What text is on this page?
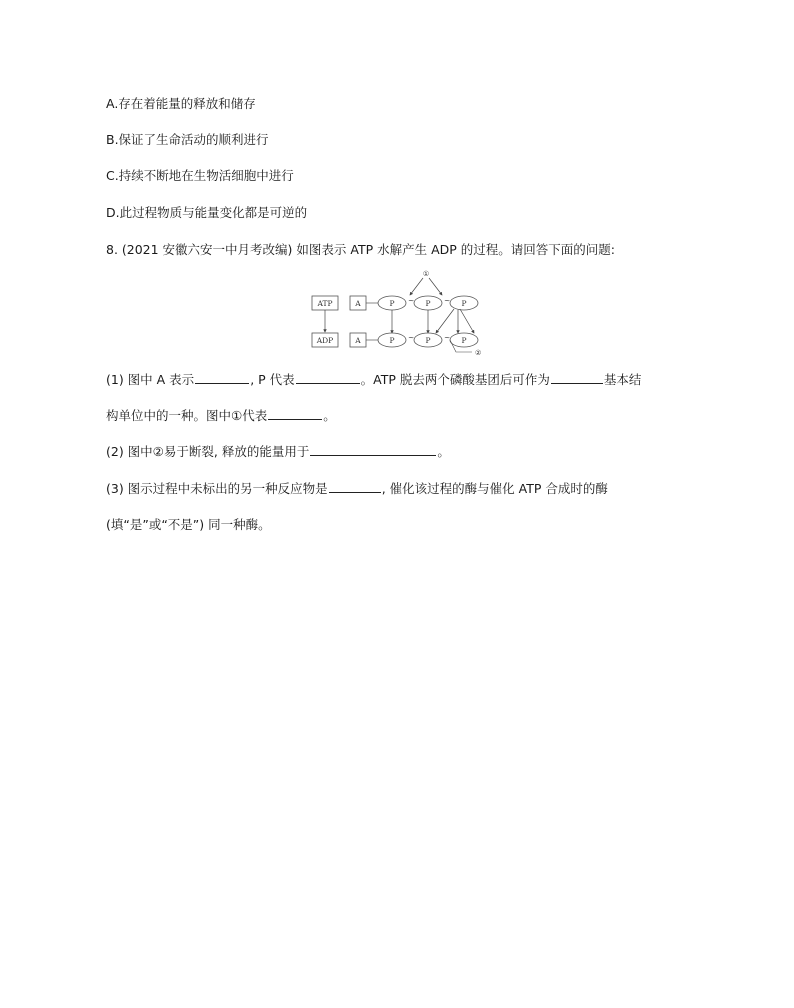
A.存在着能量的释放和储存
B.保证了生命活动的顺利进行
C.持续不断地在生物活细胞中进行
D.此过程物质与能量变化都是可逆的
8. (2021 安徽六安一中月考改编) 如图表示 ATP 水解产生 ADP 的过程。请回答下面的问题:
ATP	A	P ~ P ~ P
①
ADP	A	P ~ P ~ P
②
(1) 图中 A 表示	, P 代表	。ATP 脱去两个磷酸基团后可作为	基本结
构单位中的一种。图中①代表	。
(2) 图中②易于断裂, 释放的能量用于	。
(3) 图示过程中未标出的另一种反应物是	, 催化该过程的酶与催化 ATP 合成时的酶
(填“是”或“不是”) 同一种酶。
